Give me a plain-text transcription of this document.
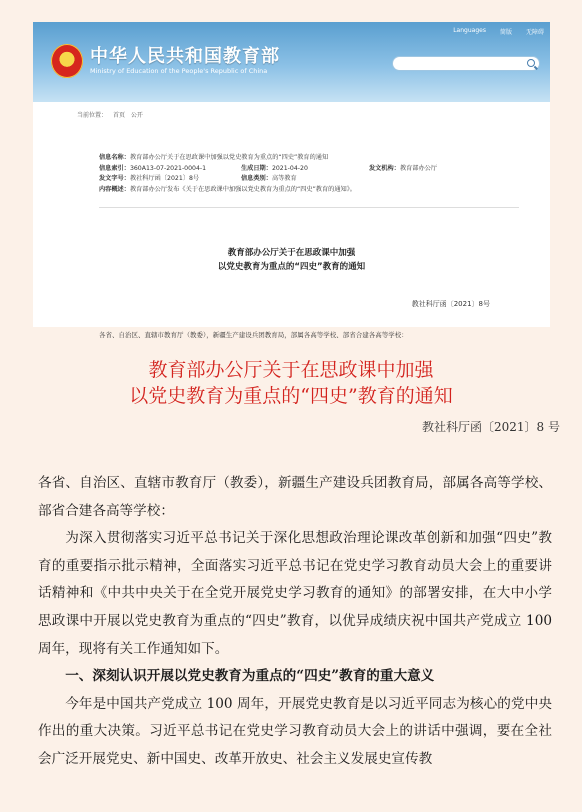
Languages 简版 无障碍
中华人民共和国教育部
Ministry of Education of the People's Republic of China
当前位置： 首页 公开
信息名称：教育部办公厅关于在思政课中加强以党史教育为重点的“四史”教育的通知
信息索引：360A13-07-2021-0004-1	生成日期：2021-04-20	发文机构：教育部办公厅
发文字号：教社科厅函〔2021〕8号	信息类别：高等教育
内容概述：教育部办公厅发布《关于在思政课中加强以党史教育为重点的“四史”教育的通知》。
教育部办公厅关于在思政课中加强
以党史教育为重点的“四史”教育的通知
教社科厅函〔2021〕8号
各省、自治区、直辖市教育厅（教委），新疆生产建设兵团教育局，部属各高等学校、部省合建各高等学校：
教育部办公厅关于在思政课中加强
以党史教育为重点的“四史”教育的通知
教社科厅函〔2021〕8 号
各省、自治区、直辖市教育厅（教委），新疆生产建设兵团教育局，部属各高等学校、部省合建各高等学校：
为深入贯彻落实习近平总书记关于深化思想政治理论课改革创新和加强“四史”教育的重要指示批示精神，全面落实习近平总书记在党史学习教育动员大会上的重要讲话精神和《中共中央关于在全党开展党史学习教育的通知》的部署安排，在大中小学思政课中开展以党史教育为重点的“四史”教育，以优异成绩庆祝中国共产党成立 100 周年，现将有关工作通知如下。
一、深刻认识开展以党史教育为重点的“四史”教育的重大意义
今年是中国共产党成立 100 周年，开展党史教育是以习近平同志为核心的党中央作出的重大决策。习近平总书记在党史学习教育动员大会上的讲话中强调，要在全社会广泛开展党史、新中国史、改革开放史、社会主义发展史宣传教
